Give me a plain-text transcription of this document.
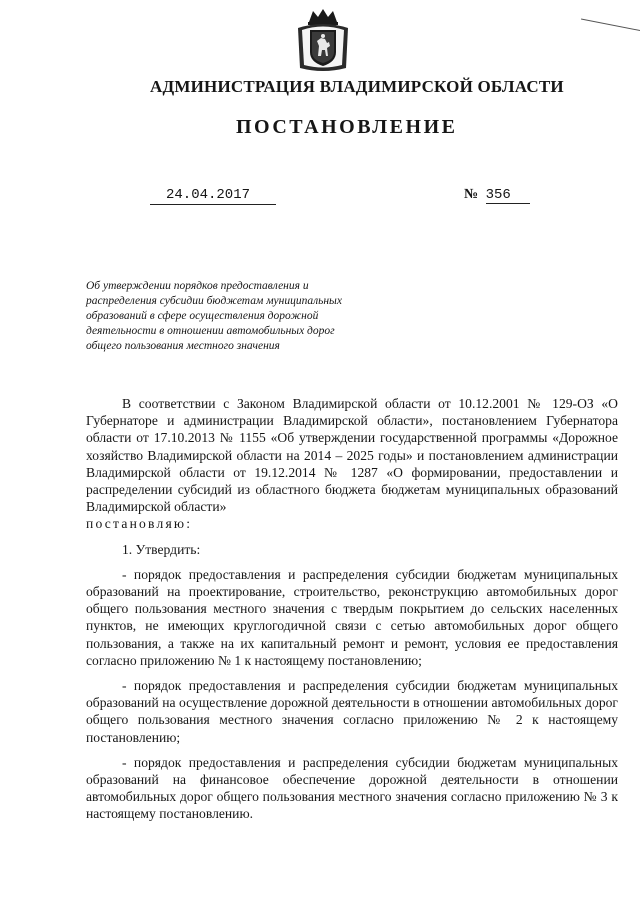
АДМИНИСТРАЦИЯ ВЛАДИМИРСКОЙ ОБЛАСТИ
ПОСТАНОВЛЕНИЕ
24.04.2017	№ 356
Об утверждении порядков предоставления и
распределения субсидии бюджетам муниципальных
образований в сфере осуществления дорожной
деятельности в отношении автомобильных дорог
общего пользования местного значения

В соответствии с Законом Владимирской области от 10.12.2001 № 129-ОЗ «О Губернаторе и администрации Владимирской области», постановлением Губернатора области от 17.10.2013 № 1155 «Об утверждении государственной программы «Дорожное хозяйство Владимирской области на 2014 – 2025 годы» и постановлением администрации Владимирской области от 19.12.2014 № 1287 «О формировании, предоставлении и распределении субсидий из областного бюджета бюджетам муниципальных образований Владимирской области»

постановляю:

1. Утвердить:

- порядок предоставления и распределения субсидии бюджетам муниципальных образований на проектирование, строительство, реконструкцию автомобильных дорог общего пользования местного значения с твердым покрытием до сельских населенных пунктов, не имеющих круглогодичной связи с сетью автомобильных дорог общего пользования, а также на их капитальный ремонт и ремонт, условия ее предоставления согласно приложению № 1 к настоящему постановлению;

- порядок предоставления и распределения субсидии бюджетам муниципальных образований на осуществление дорожной деятельности в отношении автомобильных дорог общего пользования местного значения согласно приложению № 2 к настоящему постановлению;

- порядок предоставления и распределения субсидии бюджетам муниципальных образований на финансовое обеспечение дорожной деятельности в отношении автомобильных дорог общего пользования местного значения согласно приложению № 3 к настоящему постановлению.
